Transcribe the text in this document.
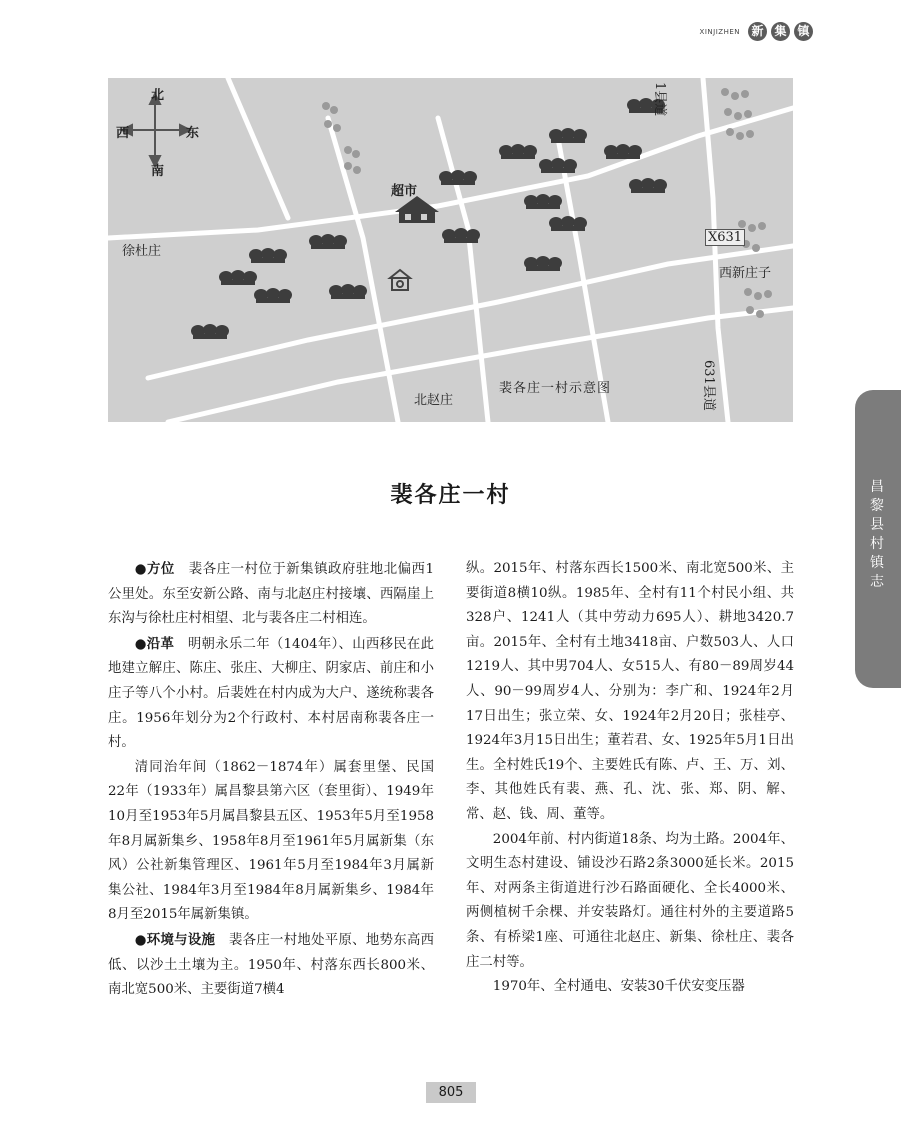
XINJIZHEN 新 集 镇
北
南
西	东
超市
徐杜庄
西新庄子
北赵庄
1县道
631县道
X631
裴各庄一村示意图
裴各庄一村

●方位　 裴各庄一村位于新集镇政府驻地北偏西1公里处。东至安新公路、南与北赵庄村接壤、西隔崖上东沟与徐杜庄村相望、北与裴各庄二村相连。

●沿革　 明朝永乐二年（1404年）、山西移民在此地建立解庄、陈庄、张庄、大柳庄、阴家店、前庄和小庄子等八个小村。后裴姓在村内成为大户、遂统称裴各庄。1956年划分为2个行政村、本村居南称裴各庄一村。

清同治年间（1862－1874年）属套里堡、民国22年（1933年）属昌黎县第六区（套里街）、1949年10月至1953年5月属昌黎县五区、1953年5月至1958年8月属新集乡、1958年8月至1961年5月属新集（东风）公社新集管理区、1961年5月至1984年3月属新集公社、1984年3月至1984年8月属新集乡、1984年8月至2015年属新集镇。

●环境与设施　 裴各庄一村地处平原、地势东高西低、以沙土土壤为主。1950年、村落东西长800米、南北宽500米、主要街道7横4

纵。2015年、村落东西长1500米、南北宽500米、主要街道8横10纵。1985年、全村有11个村民小组、共328户、1241人（其中劳动力695人）、耕地3420.7亩。2015年、全村有土地3418亩、户数503人、人口1219人、其中男704人、女515人、有80－89周岁44人、90－99周岁4人、分别为：李广和、1924年2月17日出生；张立荣、女、1924年2月20日；张桂亭、1924年3月15日出生；董若君、女、1925年5月1日出生。全村姓氏19个、主要姓氏有陈、卢、王、万、刘、李、其他姓氏有裴、燕、孔、沈、张、郑、阴、解、常、赵、钱、周、董等。

2004年前、村内街道18条、均为土路。2004年、文明生态村建设、铺设沙石路2条3000延长米。2015年、对两条主街道进行沙石路面硬化、全长4000米、两侧植树千余棵、并安装路灯。通往村外的主要道路5条、有桥梁1座、可通往北赵庄、新集、徐杜庄、裴各庄二村等。

1970年、全村通电、安装30千伏安变压器

昌黎县村镇志
805
